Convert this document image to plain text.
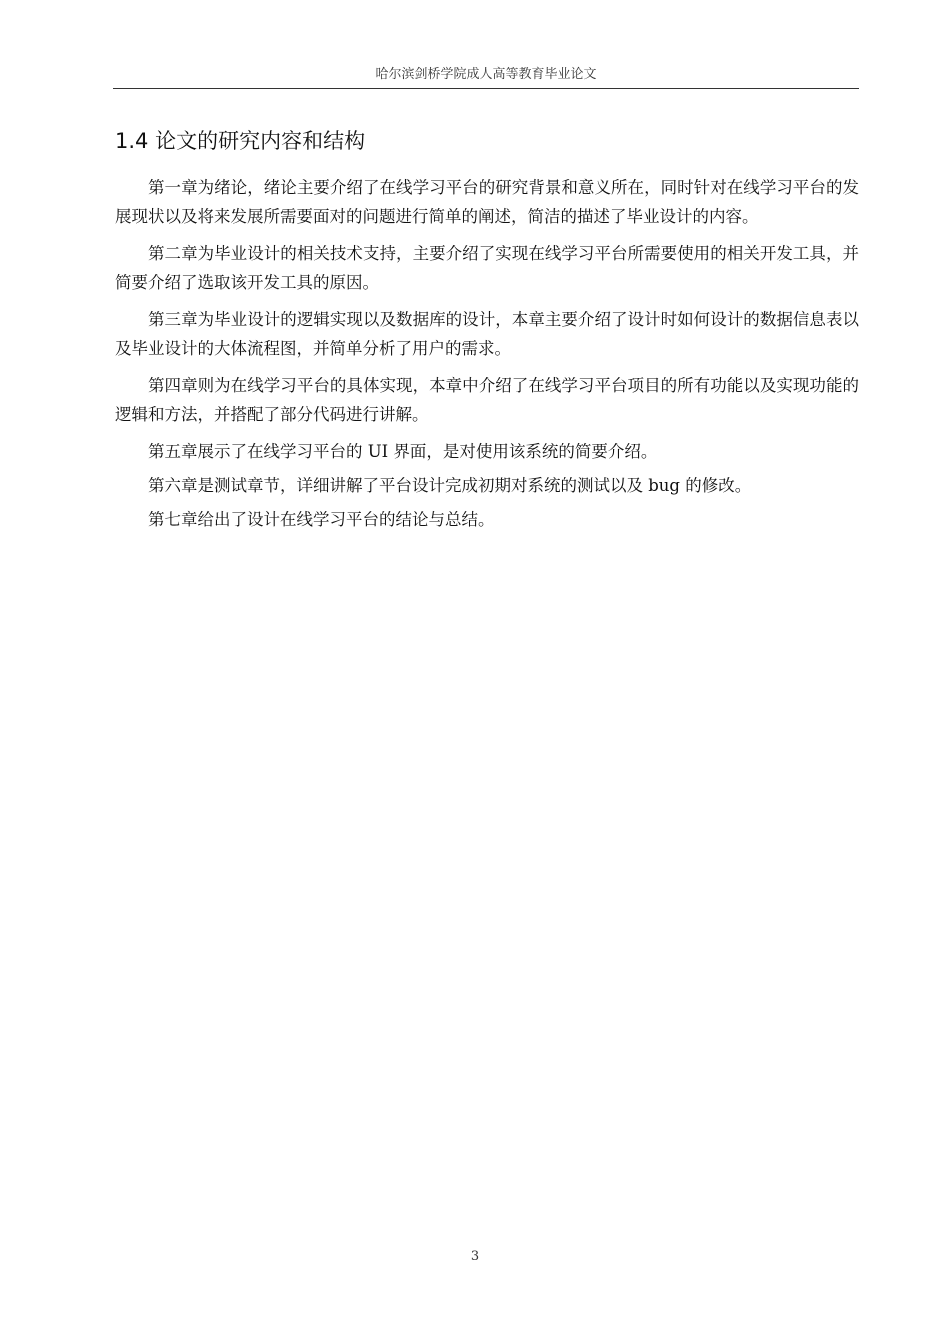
哈尔滨剑桥学院成人高等教育毕业论文
1.4 论文的研究内容和结构

第一章为绪论，绪论主要介绍了在线学习平台的研究背景和意义所在，同时针对在线学习平台的发展现状以及将来发展所需要面对的问题进行简单的阐述，简洁的描述了毕业设计的内容。

第二章为毕业设计的相关技术支持，主要介绍了实现在线学习平台所需要使用的相关开发工具，并简要介绍了选取该开发工具的原因。

第三章为毕业设计的逻辑实现以及数据库的设计，本章主要介绍了设计时如何设计的数据信息表以及毕业设计的大体流程图，并简单分析了用户的需求。

第四章则为在线学习平台的具体实现，本章中介绍了在线学习平台项目的所有功能以及实现功能的逻辑和方法，并搭配了部分代码进行讲解。

第五章展示了在线学习平台的 UI 界面，是对使用该系统的简要介绍。

第六章是测试章节，详细讲解了平台设计完成初期对系统的测试以及 bug 的修改。

第七章给出了设计在线学习平台的结论与总结。

3
